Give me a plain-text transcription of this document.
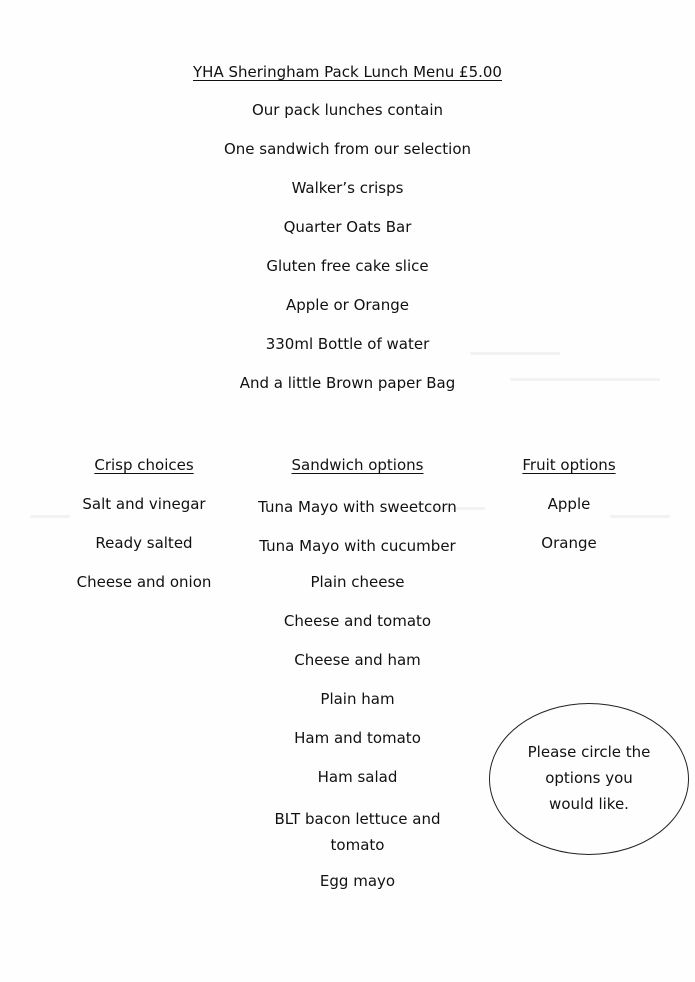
YHA Sheringham Pack Lunch Menu £5.00
Our pack lunches contain
One sandwich from our selection
Walker’s crisps
Quarter Oats Bar
Gluten free cake slice
Apple or Orange
330ml Bottle of water
And a little Brown paper Bag
Crisp choices
Salt and vinegar
Ready salted
Cheese and onion
Sandwich options
Tuna Mayo with sweetcorn
Tuna Mayo with cucumber
Plain cheese
Cheese and tomato
Cheese and ham
Plain ham
Ham and tomato
Ham salad
BLT bacon lettuce and tomato
Egg mayo
Fruit options
Apple
Orange
Please circle the options you would like.
